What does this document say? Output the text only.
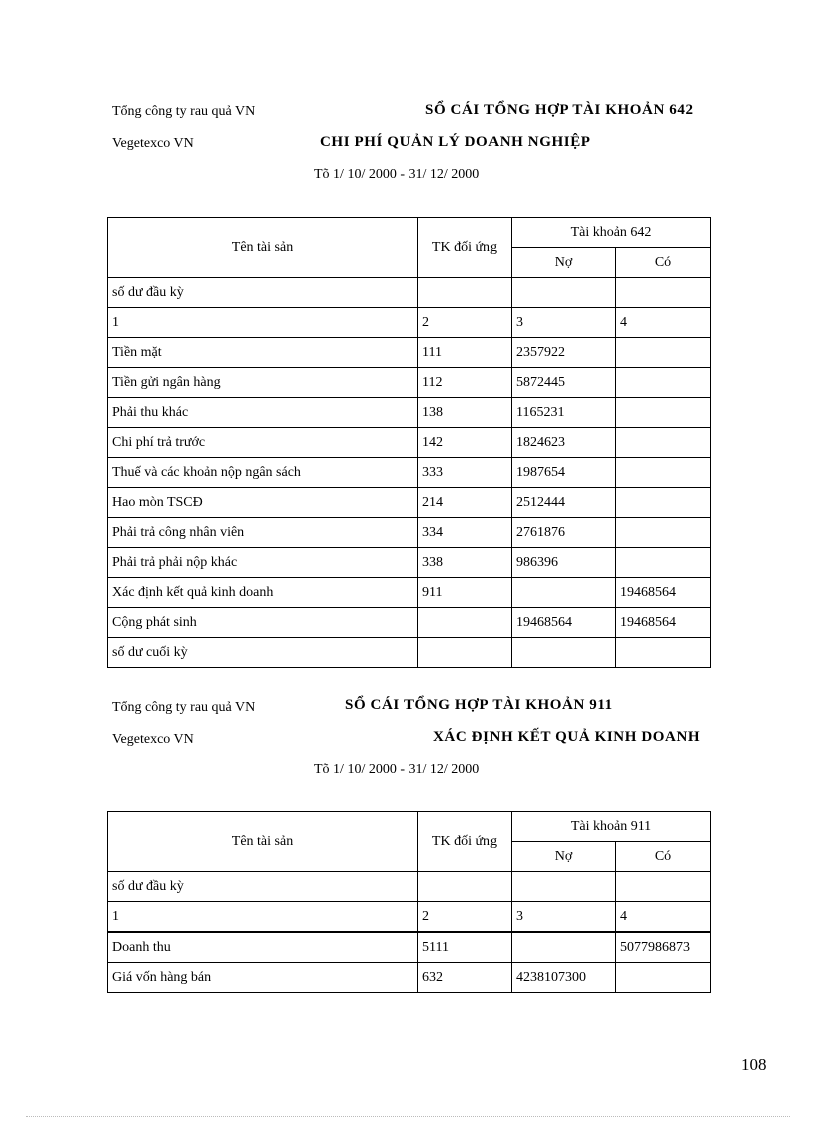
Tổng công ty rau quả VN	SỔ CÁI TỔNG HỢP TÀI KHOẢN 642
Vegetexco VN	CHI PHÍ QUẢN LÝ DOANH NGHIỆP
Tõ 1/ 10/ 2000 - 31/ 12/ 2000
Tên tài sản	TK đối ứng	Tài khoản 642	
		Nợ	Có
số dư đầu kỳ			
1	2	3	4
Tiền mặt	111	2357922	
Tiền gửi ngân hàng	112	5872445	
Phải thu khác	138	1165231	
Chi phí trả trước	142	1824623	
Thuế và các khoản nộp ngân sách	333	1987654	
Hao mòn TSCĐ	214	2512444	
Phải trả công nhân viên	334	2761876	
Phải trả phải nộp khác	338	986396	
Xác định kết quả kinh doanh	911		19468564
Cộng phát sinh		19468564	19468564
số dư cuối kỳ			
Tổng công ty rau quả VN	SỔ CÁI TỔNG HỢP TÀI KHOẢN 911
Vegetexco VN	XÁC ĐỊNH KẾT QUẢ KINH DOANH
Tõ 1/ 10/ 2000 - 31/ 12/ 2000
Tên tài sản	TK đối ứng	Tài khoản 911	
		Nợ	Có
số dư đầu kỳ			
1	2	3	4
Doanh thu	5111		5077986873
Giá vốn hàng bán	632	4238107300	
108
